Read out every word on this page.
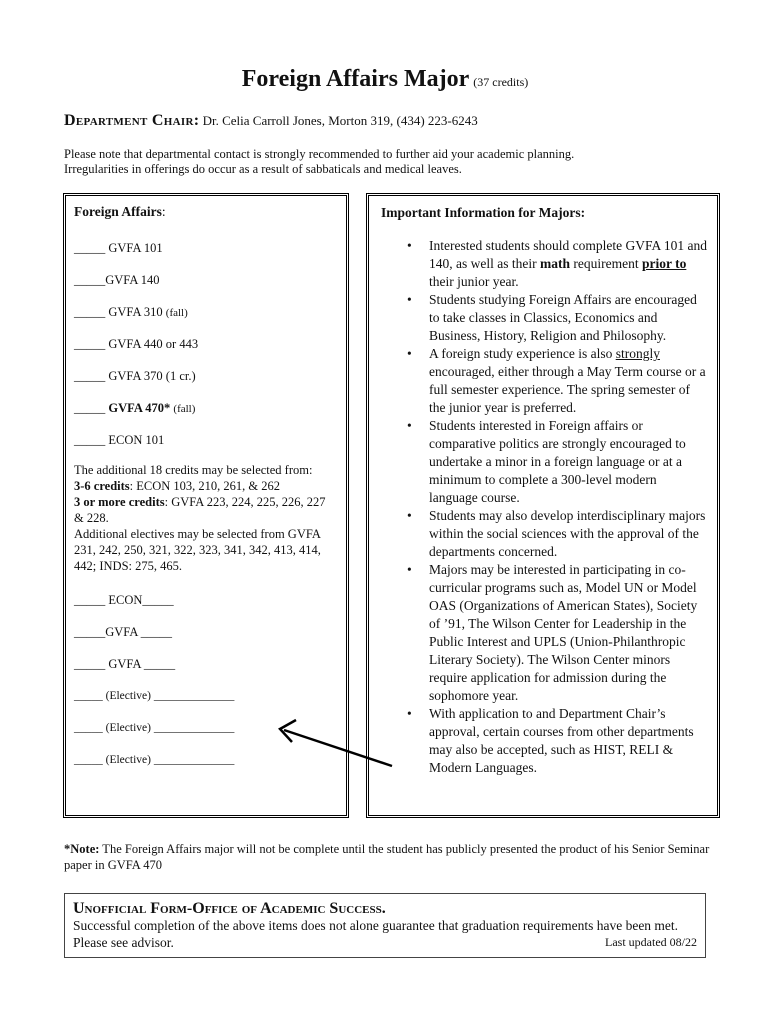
Foreign Affairs Major (37 credits)
Department Chair: Dr. Celia Carroll Jones, Morton 319, (434) 223-6243
Please note that departmental contact is strongly recommended to further aid your academic planning.
Irregularities in offerings do occur as a result of sabbaticals and medical leaves.
Foreign Affairs:
_____ GVFA 101
_____GVFA 140
_____ GVFA 310 (fall)
_____ GVFA 440 or 443
_____ GVFA 370 (1 cr.)
_____ GVFA 470* (fall)
_____ ECON 101
The additional 18 credits may be selected from:
3-6 credits: ECON 103, 210, 261, & 262
3 or more credits: GVFA 223, 224, 225, 226, 227 & 228.
Additional electives may be selected from GVFA 231, 242, 250, 321, 322, 323, 341, 342, 413, 414, 442; INDS: 275, 465.
_____ ECON_____
_____GVFA _____
_____ GVFA _____
_____ (Elective) ______________
_____ (Elective) ______________
_____ (Elective) ______________
Important Information for Majors:
• Interested students should complete GVFA 101 and 140, as well as their math requirement prior to their junior year.
• Students studying Foreign Affairs are encouraged to take classes in Classics, Economics and Business, History, Religion and Philosophy.
• A foreign study experience is also strongly encouraged, either through a May Term course or a full semester experience. The spring semester of the junior year is preferred.
• Students interested in Foreign affairs or comparative politics are strongly encouraged to undertake a minor in a foreign language or at a minimum to complete a 300-level modern language course.
• Students may also develop interdisciplinary majors within the social sciences with the approval of the departments concerned.
• Majors may be interested in participating in co-curricular programs such as, Model UN or Model OAS (Organizations of American States), Society of ’91, The Wilson Center for Leadership in the Public Interest and UPLS (Union-Philanthropic Literary Society). The Wilson Center minors require application for admission during the sophomore year.
• With application to and Department Chair’s approval, certain courses from other departments may also be accepted, such as HIST, RELI & Modern Languages.
*Note: The Foreign Affairs major will not be complete until the student has publicly presented the product of his Senior Seminar paper in GVFA 470
Unofficial Form-Office of Academic Success.
Successful completion of the above items does not alone guarantee that graduation requirements have been met. Please see advisor.	Last updated 08/22
